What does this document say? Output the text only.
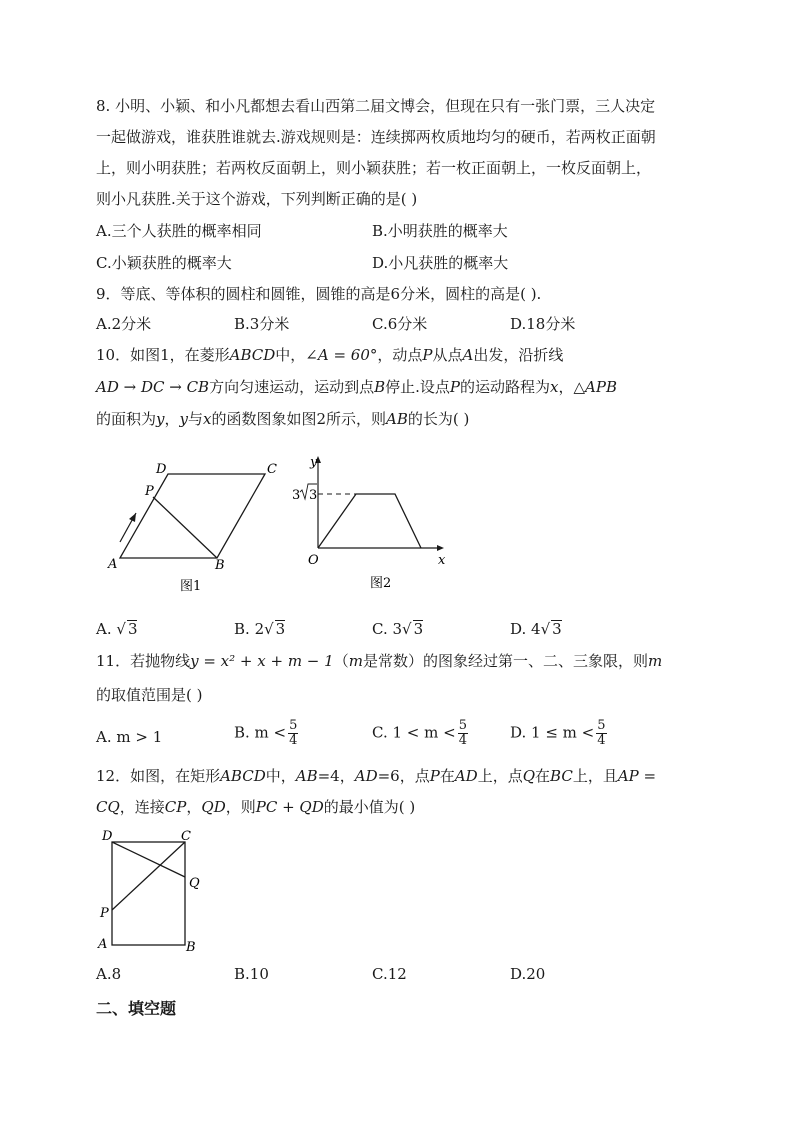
8. 小明、小颖、和小凡都想去看山西第二届文博会，但现在只有一张门票，三人决定
一起做游戏，谁获胜谁就去.游戏规则是：连续掷两枚质地均匀的硬币，若两枚正面朝
上，则小明获胜；若两枚反面朝上，则小颖获胜；若一枚正面朝上，一枚反面朝上，
则小凡获胜.关于这个游戏，下列判断正确的是( )
A.三个人获胜的概率相同	B.小明获胜的概率大
C.小颖获胜的概率大	D.小凡获胜的概率大
9．等底、等体积的圆柱和圆锥，圆锥的高是6分米，圆柱的高是( ).
A.2分米	B.3分米	C.6分米	D.18分米
10．如图1，在菱形ABCD中，∠A = 60°，动点P从点A出发，沿折线
AD → DC → CB方向匀速运动，运动到点B停止.设点P的运动路程为x，△APB
的面积为y，y与x的函数图象如图2所示，则AB的长为( )
D	C
P
A	B
图1
y
x
O
3 3
图2
A. √ 3	B. 2√ 3	C. 3√ 3	D. 4√ 3
11．若抛物线y = x² + x + m − 1（m是常数）的图象经过第一、二、三象限，则m
的取值范围是( )
A. m > 1	B. $m < \frac{5}{4}$	C. $1 < m < \frac{5}{4}$	D. $1 \le m < \frac{5}{4}$
12．如图，在矩形ABCD中，AB=4，AD=6，点P在AD上，点Q在BC上，且AP =
CQ，连接CP，QD，则PC + QD的最小值为( )
D	C
Q
P
A	B
A.8	B.10	C.12	D.20
二、填空题
